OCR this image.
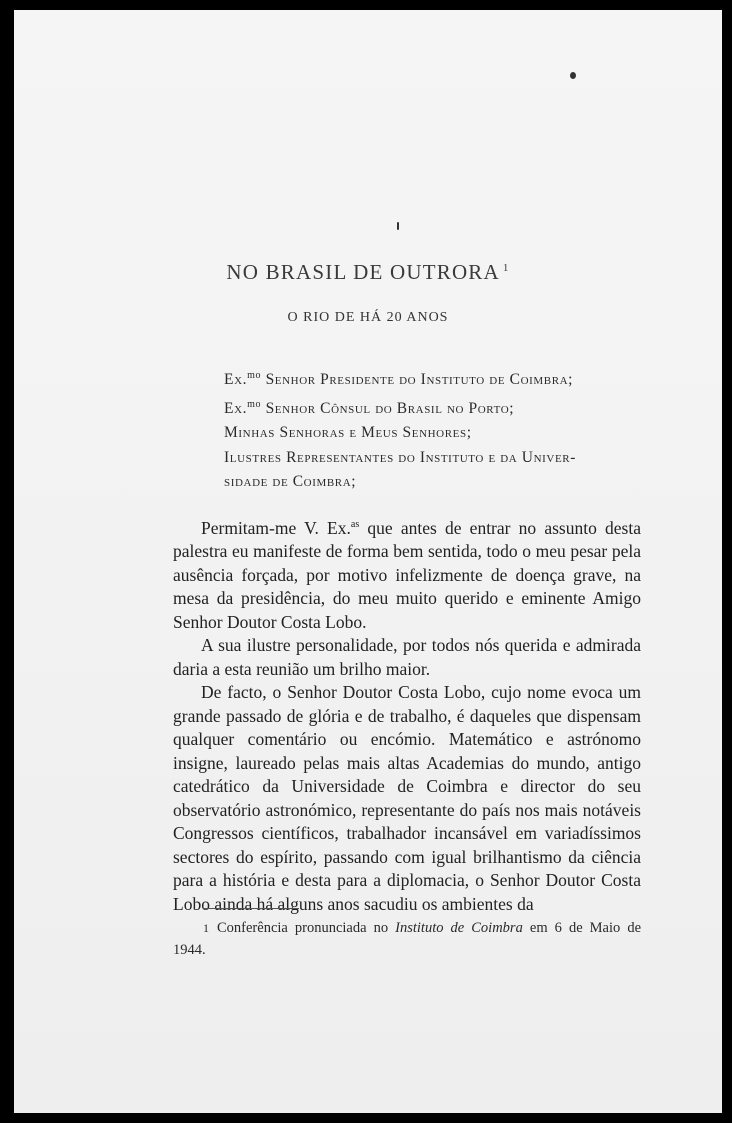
NO BRASIL DE OUTRORA $^1$
O RIO DE HÁ 20 ANOS
Ex.$^{mo}$ Senhor Presidente do Instituto de Coimbra;
Ex.$^{mo}$ Senhor Cônsul do Brasil no Porto;
Minhas Senhoras e Meus Senhores;
Ilustres Representantes do Instituto e da Univer-
sidade de Coimbra;

Permitam-me V. Ex.$^{as}$ que antes de entrar no assunto desta palestra eu manifeste de forma bem sentida, todo o meu pesar pela ausência forçada, por motivo infelizmente de doença grave, na mesa da presidência, do meu muito querido e eminente Amigo Senhor Doutor Costa Lobo.

A sua ilustre personalidade, por todos nós querida e admirada daria a esta reunião um brilho maior.

De facto, o Senhor Doutor Costa Lobo, cujo nome evoca um grande passado de glória e de trabalho, é daqueles que dispensam qualquer comentário ou encómio. Matemático e astrónomo insigne, laureado pelas mais altas Academias do mundo, antigo catedrático da Universidade de Coimbra e director do seu observatório astronómico, representante do país nos mais notáveis Congressos científicos, trabalhador incansável em variadíssimos sectores do espírito, passando com igual brilhantismo da ciência para a história e desta para a diplomacia, o Senhor Doutor Costa Lobo ainda há alguns anos sacudiu os ambientes da

1 Conferência pronunciada no Instituto de Coimbra em 6 de Maio de 1944.
